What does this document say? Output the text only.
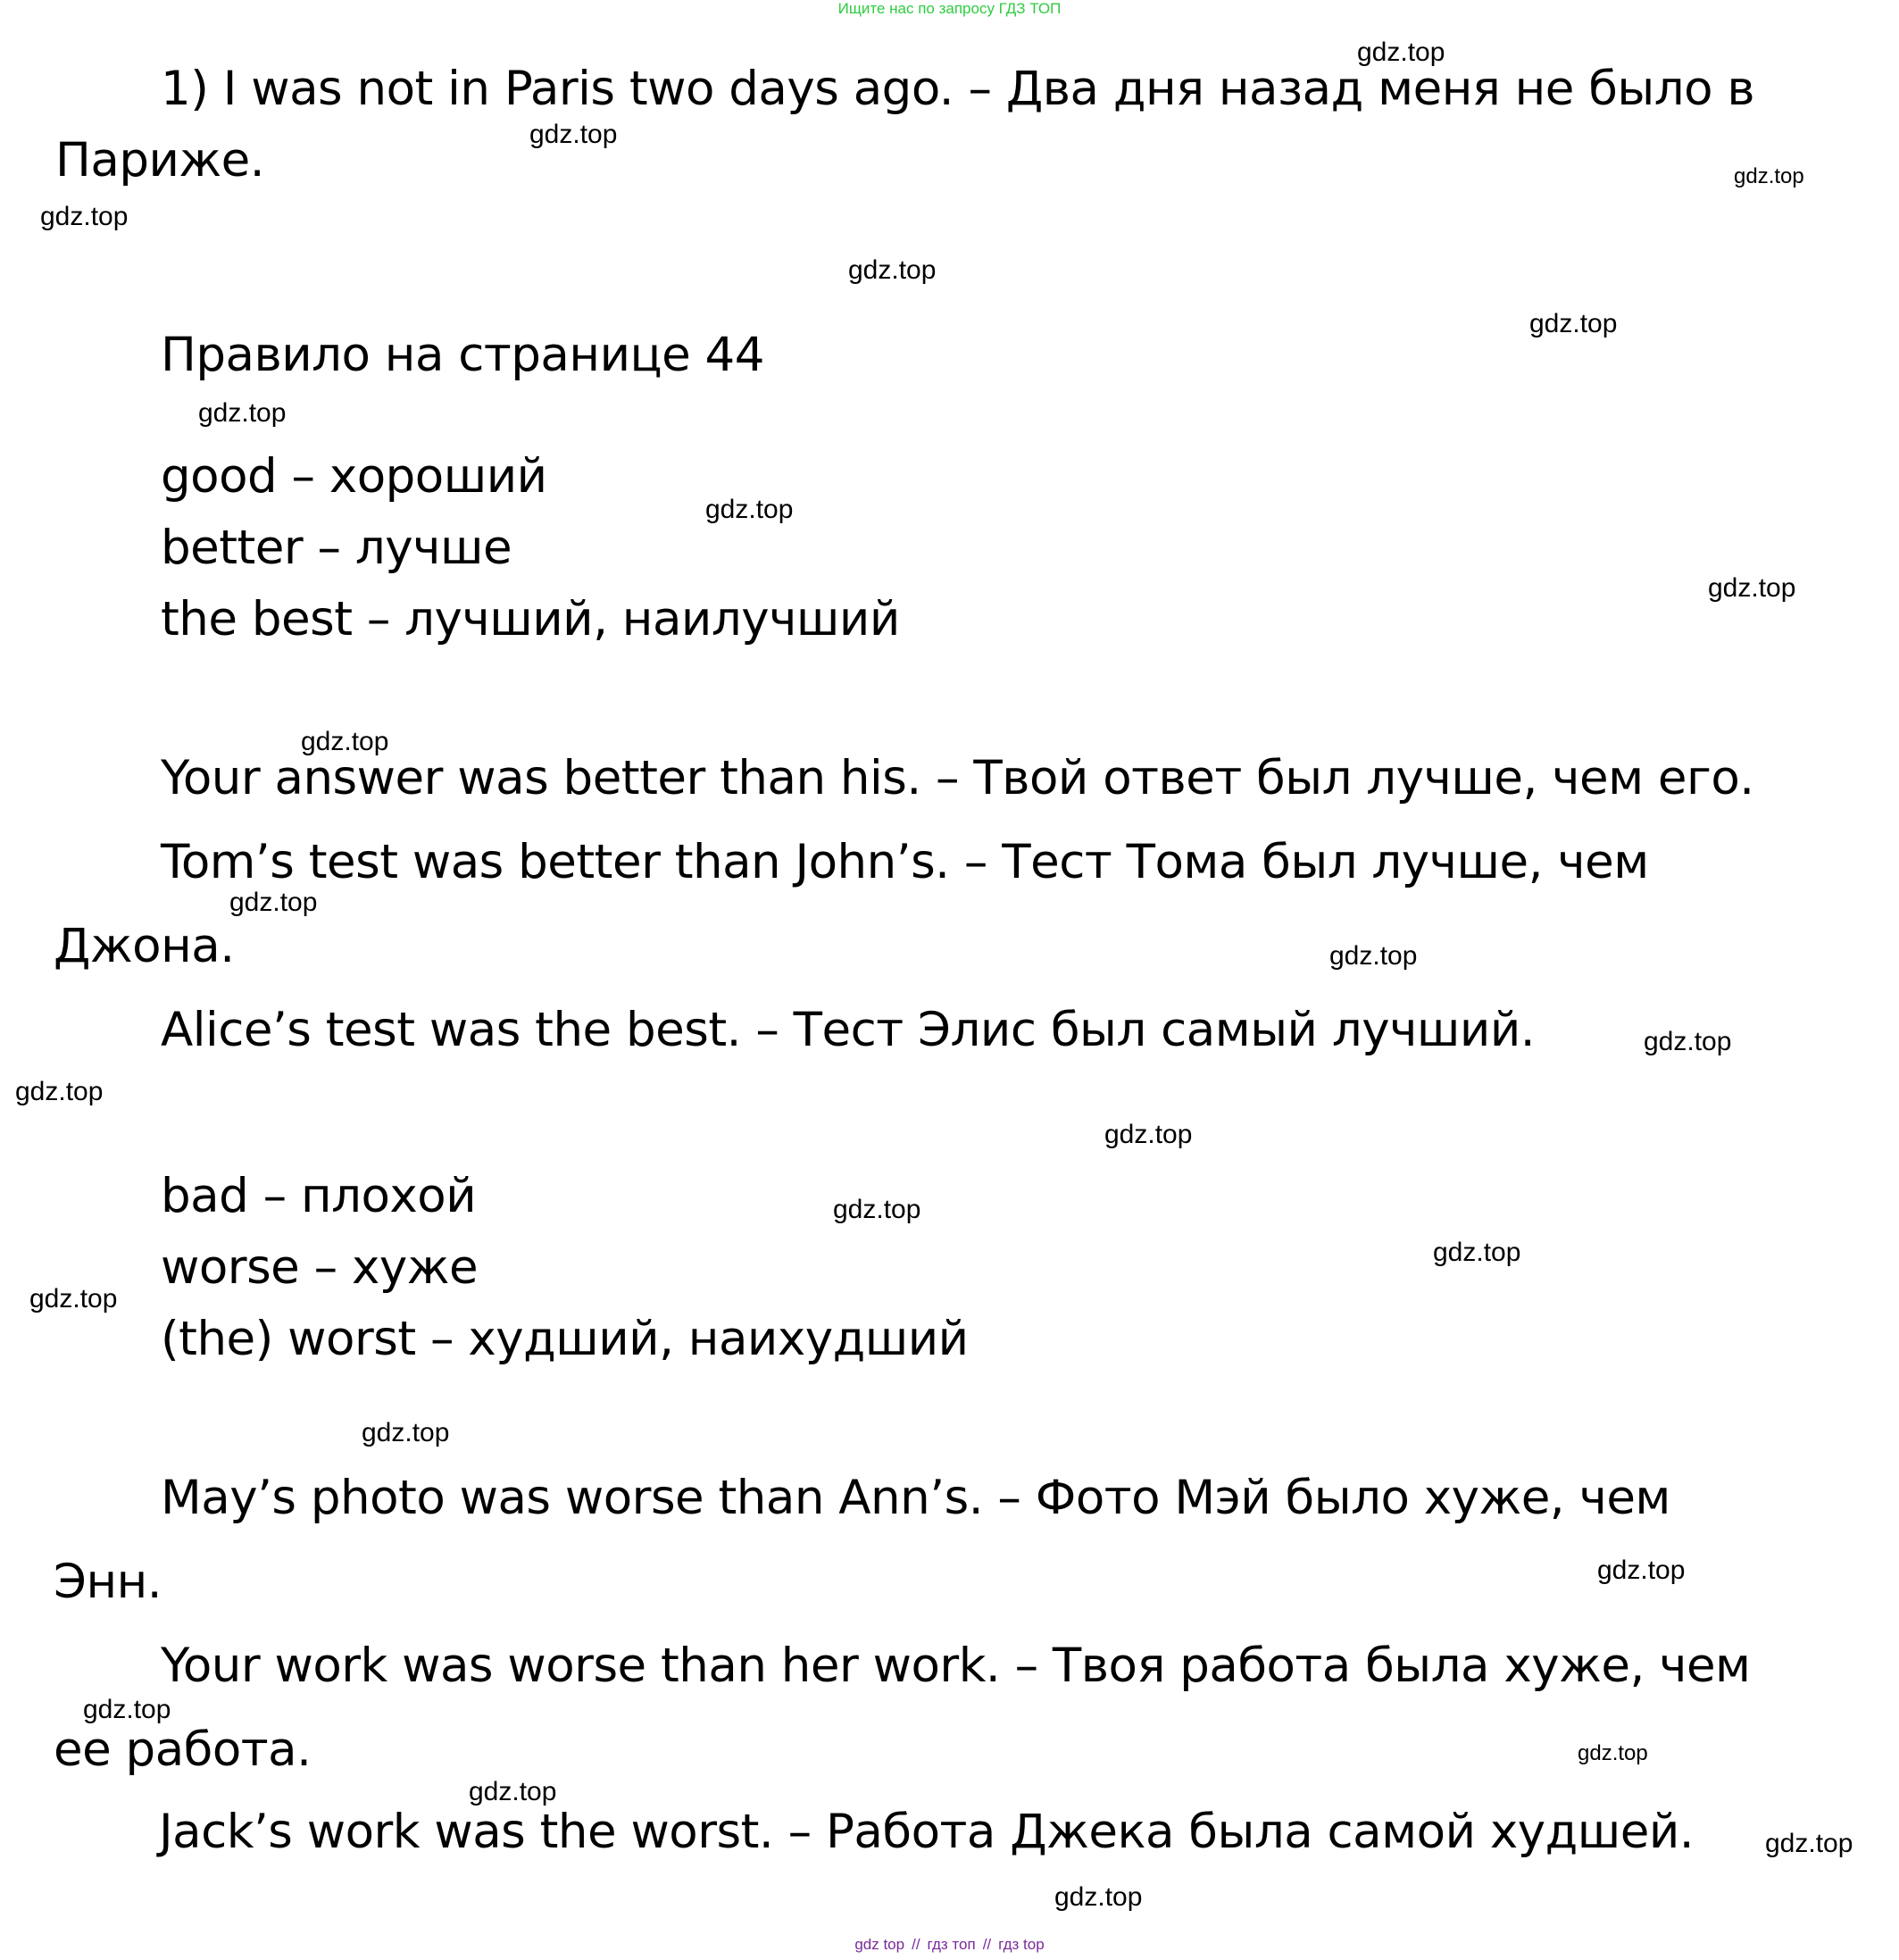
Ищите нас по запросу ГДЗ ТОП
1) I was not in Paris two days ago. – Два дня назад меня не было в
Париже.
Правило на странице 44
good – хороший
better – лучше
the best – лучший, наилучший
Your answer was better than his. – Твой ответ был лучше, чем его.
Tom’s test was better than John’s. – Тест Тома был лучше, чем
Джона.
Alice’s test was the best. – Тест Элис был самый лучший.
bad – плохой
worse – хуже
(the) worst – худший, наихудший
May’s photo was worse than Ann’s. – Фото Мэй было хуже, чем
Энн.
Your work was worse than her work. – Твоя работа была хуже, чем
ее работа.
Jack’s work was the worst. – Работа Джека была самой худшей.
gdz.top
gdz.top
gdz.top
gdz.top
gdz.top
gdz.top
gdz.top
gdz.top
gdz.top
gdz.top
gdz.top
gdz.top
gdz.top
gdz.top
gdz.top
gdz.top
gdz.top
gdz.top
gdz.top
gdz.top
gdz.top
gdz.top
gdz.top
gdz.top
gdz.top
gdz top // гдз топ // гдз top
